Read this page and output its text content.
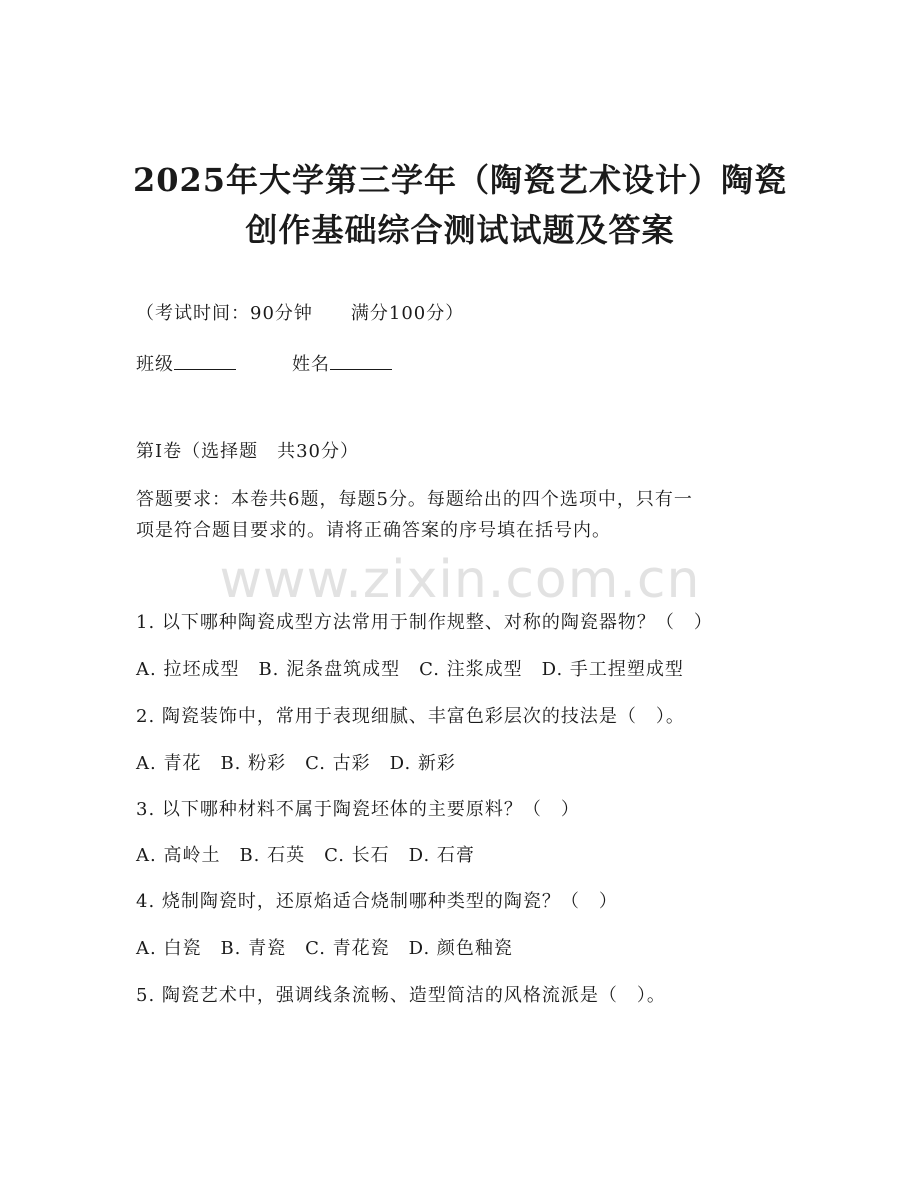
2025年大学第三学年（陶瓷艺术设计）陶瓷
创作基础综合测试试题及答案
（考试时间：90分钟　　满分100分）
班级	姓名
第Ⅰ卷（选择题　共30分）
答题要求：本卷共6题，每题5分。每题给出的四个选项中，只有一
项是符合题目要求的。请将正确答案的序号填在括号内。
www.zixin.com.cn
1. 以下哪种陶瓷成型方法常用于制作规整、对称的陶瓷器物？（　）
A. 拉坯成型　B. 泥条盘筑成型　C. 注浆成型　D. 手工捏塑成型
2. 陶瓷装饰中，常用于表现细腻、丰富色彩层次的技法是（　）。
A. 青花　B. 粉彩　C. 古彩　D. 新彩
3. 以下哪种材料不属于陶瓷坯体的主要原料？（　）
A. 高岭土　B. 石英　C. 长石　D. 石膏
4. 烧制陶瓷时，还原焰适合烧制哪种类型的陶瓷？（　）
A. 白瓷　B. 青瓷　C. 青花瓷　D. 颜色釉瓷
5. 陶瓷艺术中，强调线条流畅、造型简洁的风格流派是（　）。
